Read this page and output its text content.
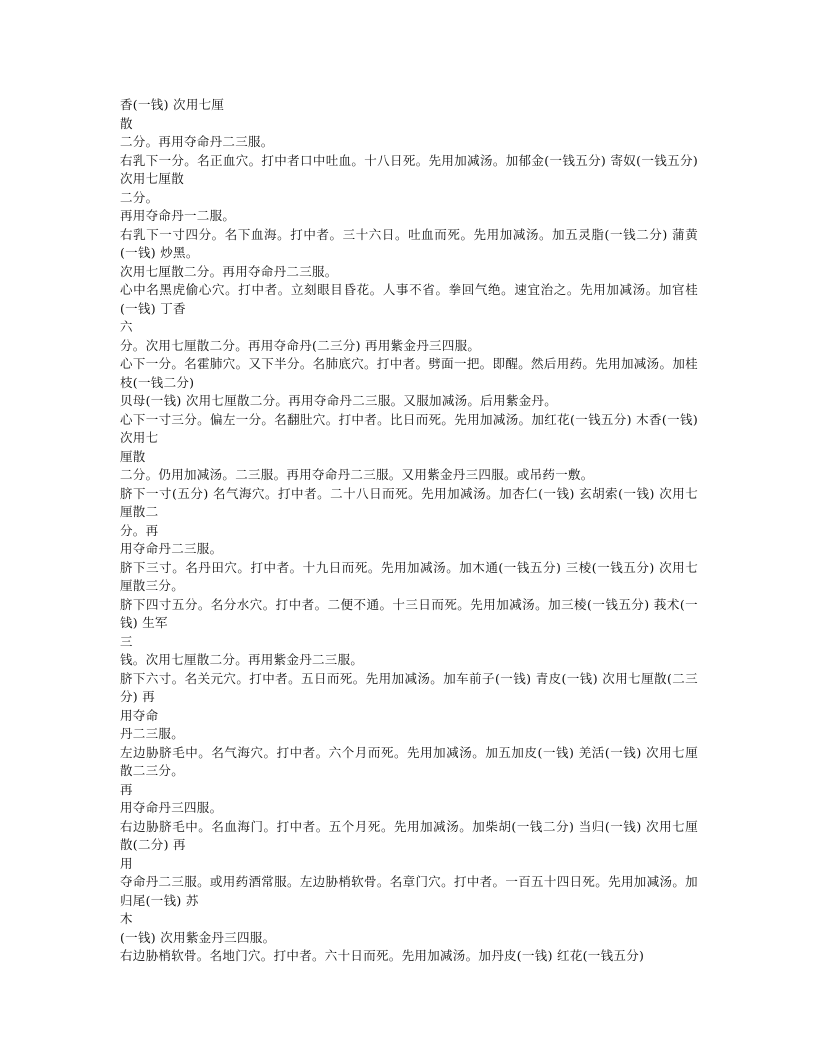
香(一钱) 次用七厘

散

二分。再用夺命丹二三服。

右乳下一分。名正血穴。打中者口中吐血。十八日死。先用加减汤。加郁金(一钱五分) 寄奴(一钱五分) 次用七厘散

二分。

再用夺命丹一二服。

右乳下一寸四分。名下血海。打中者。三十六日。吐血而死。先用加减汤。加五灵脂(一钱二分) 蒲黄(一钱) 炒黑。

次用七厘散二分。再用夺命丹二三服。

心中名黑虎偷心穴。打中者。立刻眼目昏花。人事不省。拳回气绝。速宜治之。先用加减汤。加官桂(一钱) 丁香

六

分。次用七厘散二分。再用夺命丹(二三分) 再用紫金丹三四服。

心下一分。名霍肺穴。又下半分。名肺底穴。打中者。劈面一把。即醒。然后用药。先用加减汤。加桂枝(一钱二分)

贝母(一钱) 次用七厘散二分。再用夺命丹二三服。又服加减汤。后用紫金丹。

心下一寸三分。偏左一分。名翻肚穴。打中者。比日而死。先用加减汤。加红花(一钱五分) 木香(一钱) 次用七

厘散

二分。仍用加减汤。二三服。再用夺命丹二三服。又用紫金丹三四服。或吊药一敷。

脐下一寸(五分) 名气海穴。打中者。二十八日而死。先用加减汤。加杏仁(一钱) 玄胡索(一钱) 次用七厘散二

分。再

用夺命丹二三服。

脐下三寸。名丹田穴。打中者。十九日而死。先用加减汤。加木通(一钱五分) 三棱(一钱五分) 次用七厘散三分。

脐下四寸五分。名分水穴。打中者。二便不通。十三日而死。先用加减汤。加三棱(一钱五分) 莪术(一钱) 生军

三

钱。次用七厘散二分。再用紫金丹二三服。

脐下六寸。名关元穴。打中者。五日而死。先用加减汤。加车前子(一钱) 青皮(一钱) 次用七厘散(二三分) 再

用夺命

丹二三服。

左边胁脐毛中。名气海穴。打中者。六个月而死。先用加减汤。加五加皮(一钱) 羌活(一钱) 次用七厘散二三分。

再

用夺命丹三四服。

右边胁脐毛中。名血海门。打中者。五个月死。先用加减汤。加柴胡(一钱二分) 当归(一钱) 次用七厘散(二分) 再

用

夺命丹二三服。或用药酒常服。左边胁梢软骨。名章门穴。打中者。一百五十四日死。先用加减汤。加归尾(一钱) 苏

木

(一钱) 次用紫金丹三四服。

右边胁梢软骨。名地门穴。打中者。六十日而死。先用加减汤。加丹皮(一钱) 红花(一钱五分)
